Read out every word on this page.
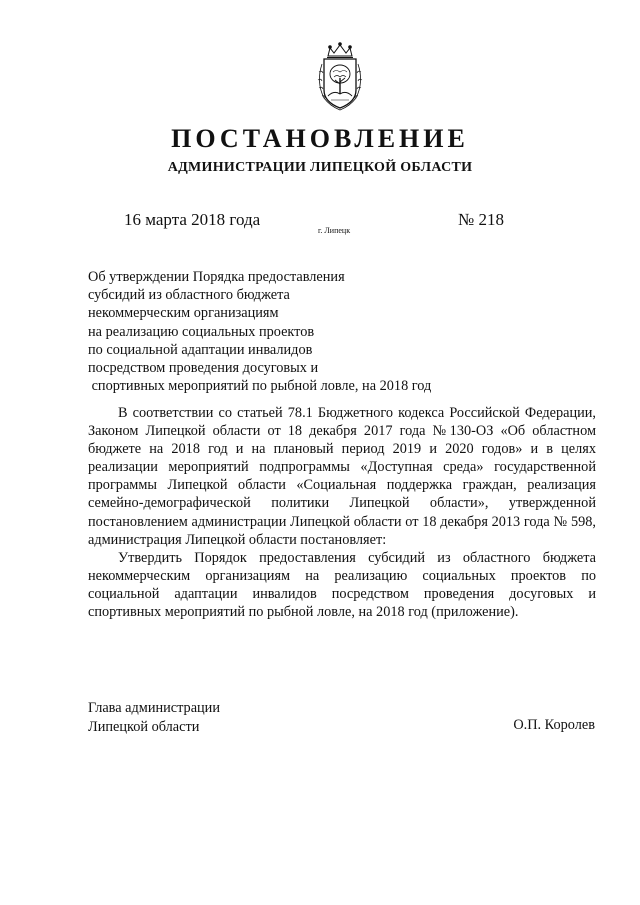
ПОСТАНОВЛЕНИЕ
АДМИНИСТРАЦИИ ЛИПЕЦКОЙ ОБЛАСТИ
16 марта 2018 года
г. Липецк
№ 218
Об утверждении Порядка предоставления
субсидий из областного бюджета
некоммерческим организациям
на реализацию социальных проектов
по социальной адаптации инвалидов
посредством проведения досуговых и
спортивных мероприятий по рыбной ловле, на 2018 год

В соответствии со статьей 78.1 Бюджетного кодекса Российской Федерации, Законом Липецкой области от 18 декабря 2017 года №130-ОЗ «Об областном бюджете на 2018 год и на плановый период 2019 и 2020 годов» и в целях реализации мероприятий подпрограммы «Доступная среда» государственной программы Липецкой области «Социальная поддержка граждан, реализация семейно-демографической политики Липецкой области», утвержденной постановлением администрации Липецкой области от 18 декабря 2013 года № 598, администрация Липецкой области постановляет:

Утвердить Порядок предоставления субсидий из областного бюджета некоммерческим организациям на реализацию социальных проектов по социальной адаптации инвалидов посредством проведения досуговых и спортивных мероприятий по рыбной ловле, на 2018 год (приложение).

Глава администрации
Липецкой области	О.П. Королев
